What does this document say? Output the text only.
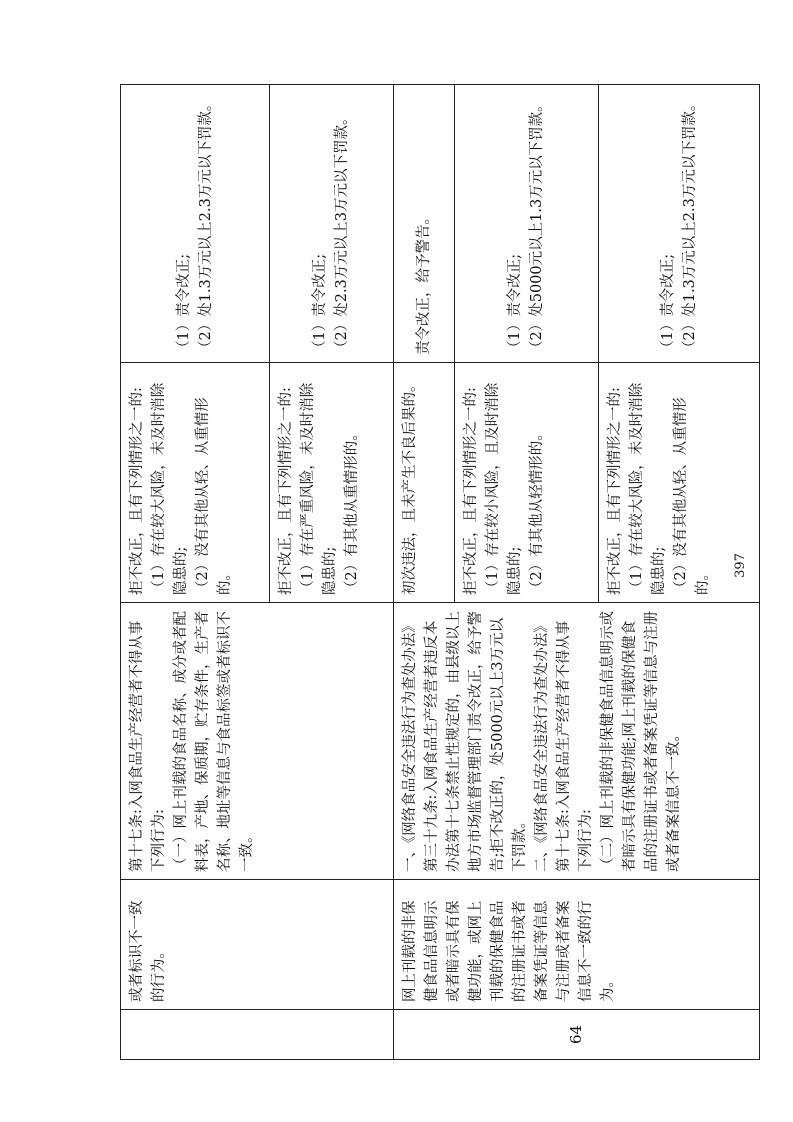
	或者标识不一致的行为。	第十七条:入网食品生产经营者不得从事下列行为:
（一）网上刊载的食品名称、成分或者配料表，产地、保质期，贮存条件，生产者名称、地址等信息与食品标签或者标识不一致。	拒不改正，且有下列情形之一的:
（1）存在较大风险，未及时消除隐患的;
（2）没有其他从轻、从重情形的。	（1）责令改正;
（2）处1.3万元以上2.3万元以下罚款。

			拒不改正，且有下列情形之一的:
（1）存在严重风险，未及时消除隐患的;
（2）有其他从重情形的。	（1）责令改正;
（2）处2.3万元以上3万元以下罚款。

64	网上刊载的非保健食品信息明示或者暗示具有保健功能，或网上刊载的保健食品的注册证书或者备案凭证等信息与注册或者备案信息不一致的行为。	一、《网络食品安全违法行为查处办法》第三十九条:入网食品生产经营者违反本办法第十七条禁止性规定的，由县级以上地方市场监督管理部门责令改正，给予警告;拒不改正的，处5000元以上3万元以下罚款。
二、《网络食品安全违法行为查处办法》第十七条:入网食品生产经营者不得从事下列行为:
（二）网上刊载的非保健食品信息明示或者暗示具有保健功能;网上刊载的保健食品的注册证书或者备案凭证等信息与注册或者备案信息不一致。	初次违法，且未产生不良后果的。	责令改正，给予警告。

			拒不改正，且有下列情形之一的:
（1）存在较小风险，且及时消除隐患的;
（2）有其他从轻情形的。	（1）责令改正;
（2）处5000元以上1.3万元以下罚款。

			拒不改正，且有下列情形之一的:
（1）存在较大风险，未及时消除隐患的;
（2）没有其他从轻、从重情形的。	（1）责令改正;
（2）处1.3万元以上2.3万元以下罚款。

397
